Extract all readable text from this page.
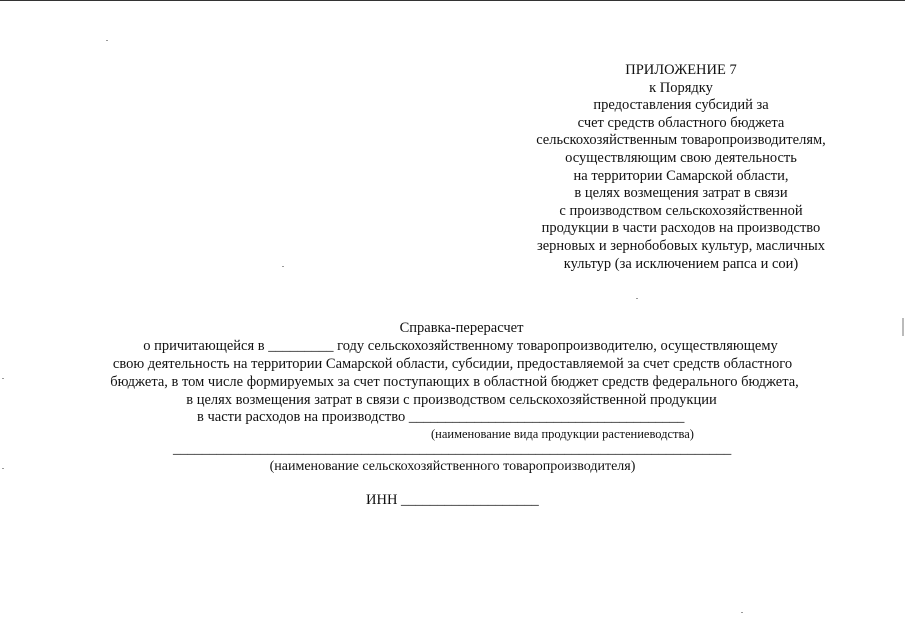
ПРИЛОЖЕНИЕ 7
к Порядку
предоставления субсидий за
счет средств областного бюджета
сельскохозяйственным товаропроизводителям,
осуществляющим свою деятельность
на территории Самарской области,
в целях возмещения затрат в связи
с производством сельскохозяйственной
продукции в части расходов на производство
зерновых и зернобобовых культур, масличных
культур (за исключением рапса и сои)
Справка-перерасчет
о причитающейся в _________ году сельскохозяйственному товаропроизводителю, осуществляющему
свою деятельность на территории Самарской области, субсидии, предоставляемой за счет средств областного
бюджета, в том числе формируемых за счет поступающих в областной бюджет средств федерального бюджета,
в целях возмещения затрат в связи с производством сельскохозяйственной продукции
в части расходов на производство ______________________________________
(наименование вида продукции растениеводства)
_____________________________________________________________________________
(наименование сельскохозяйственного товаропроизводителя)
ИНН ___________________
